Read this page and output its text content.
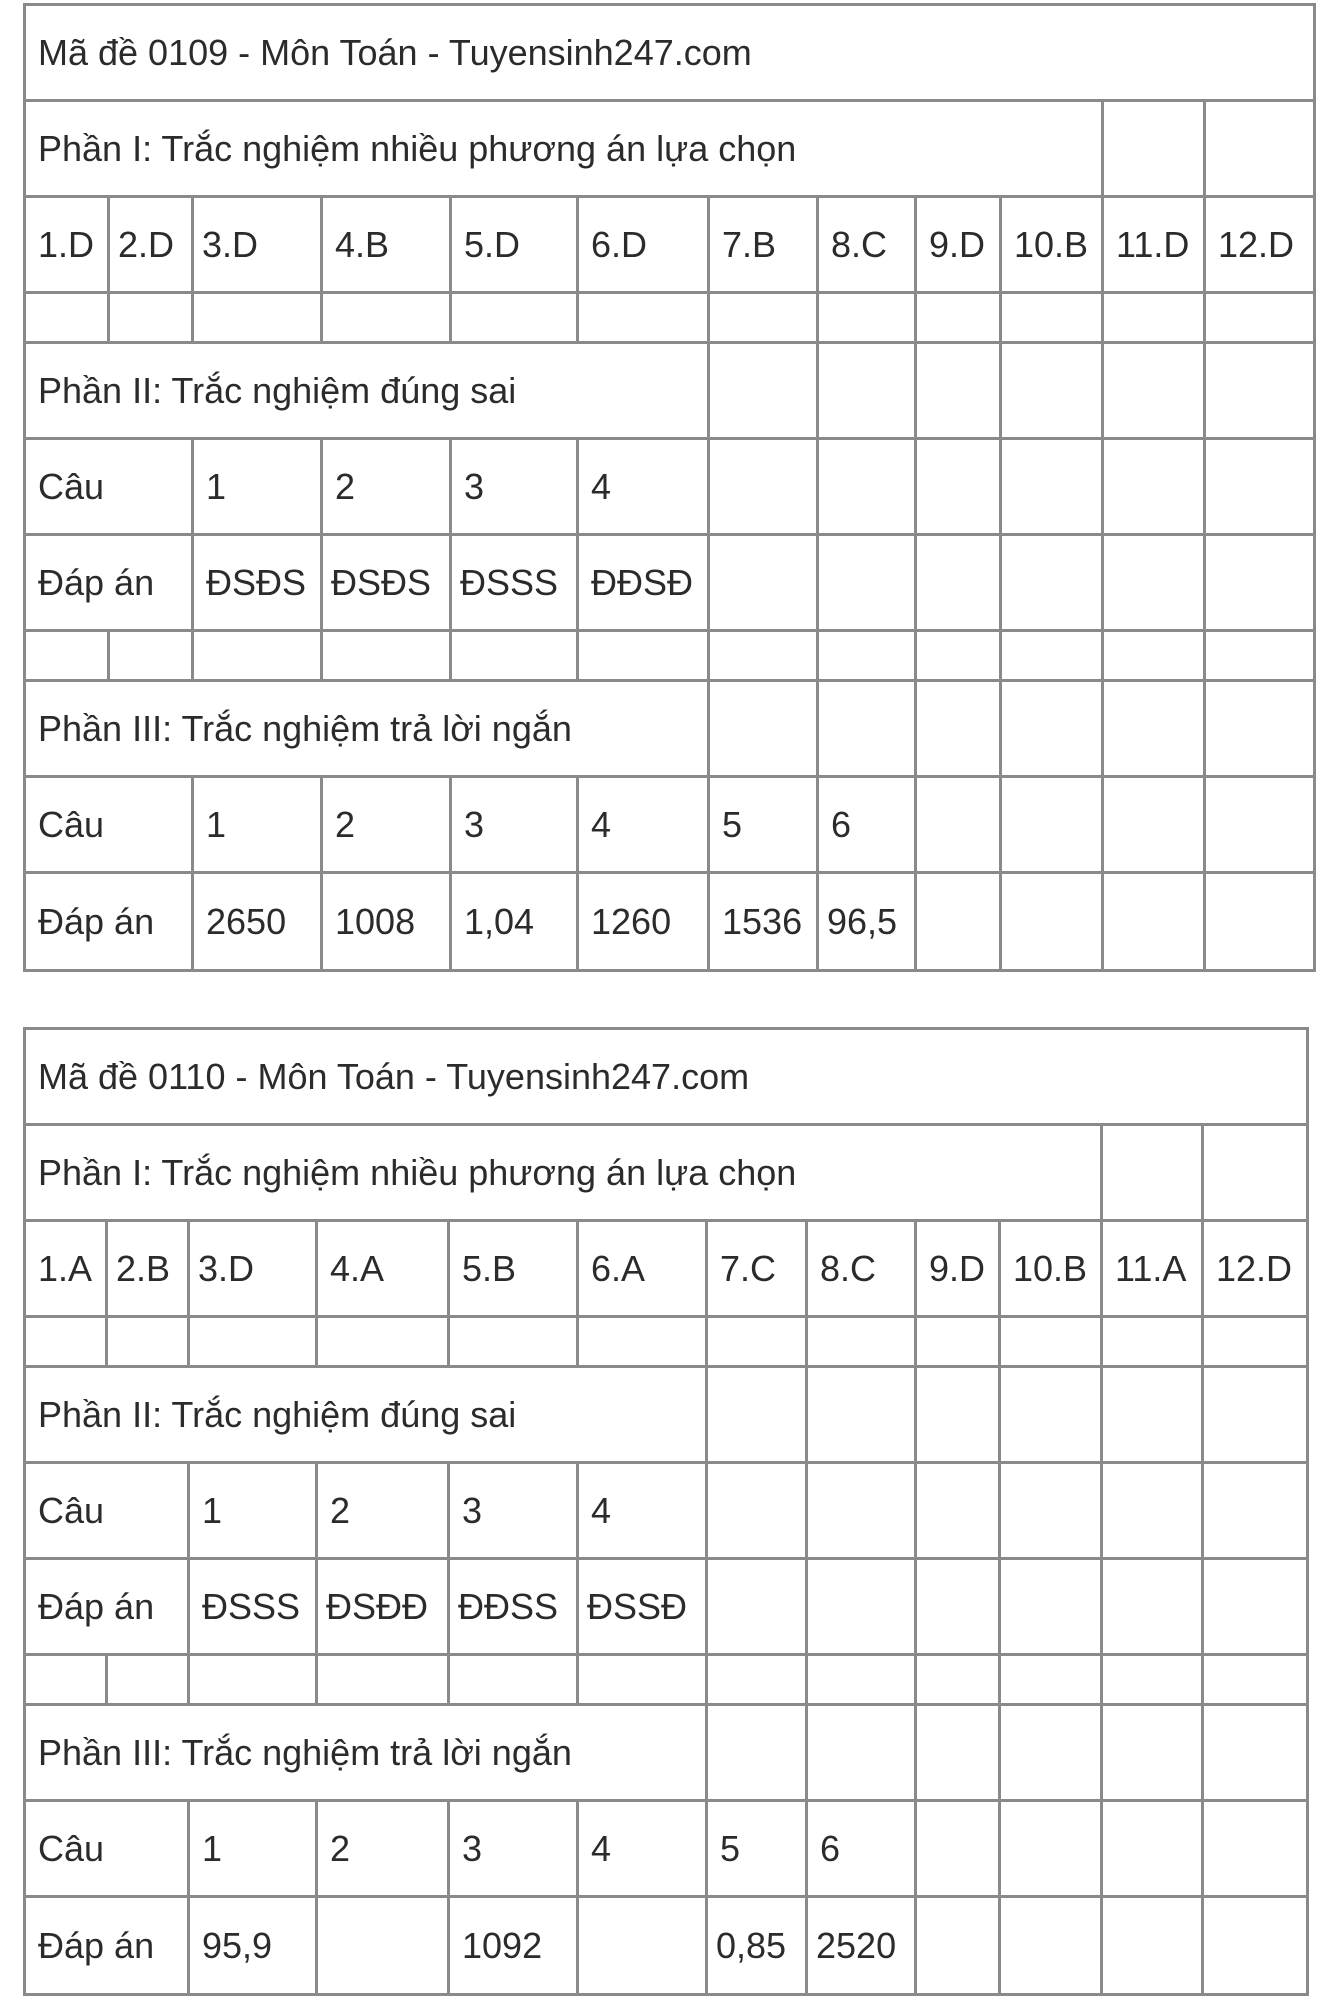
Mã đề 0109 - Môn Toán - Tuyensinh247.com											
Phần I: Trắc nghiệm nhiều phương án lựa chọn											
1.D	2.D	3.D	4.B	5.D	6.D	7.B	8.C	9.D	10.B	11.D	12.D

Phần II: Trắc nghiệm đúng sai											
Câu		1	2	3	4						
Đáp án		ĐSĐS	ĐSĐS	ĐSSS	ĐĐSĐ						

Phần III: Trắc nghiệm trả lời ngắn											
Câu		1	2	3	4	5	6				
Đáp án		2650	1008	1,04	1260	1536	96,5				
Mã đề 0110 - Môn Toán - Tuyensinh247.com											
Phần I: Trắc nghiệm nhiều phương án lựa chọn											
1.A	2.B	3.D	4.A	5.B	6.A	7.C	8.C	9.D	10.B	11.A	12.D

Phần II: Trắc nghiệm đúng sai											
Câu		1	2	3	4						
Đáp án		ĐSSS	ĐSĐĐ	ĐĐSS	ĐSSĐ						

Phần III: Trắc nghiệm trả lời ngắn											
Câu		1	2	3	4	5	6				
Đáp án		95,9		1092		0,85	2520				
